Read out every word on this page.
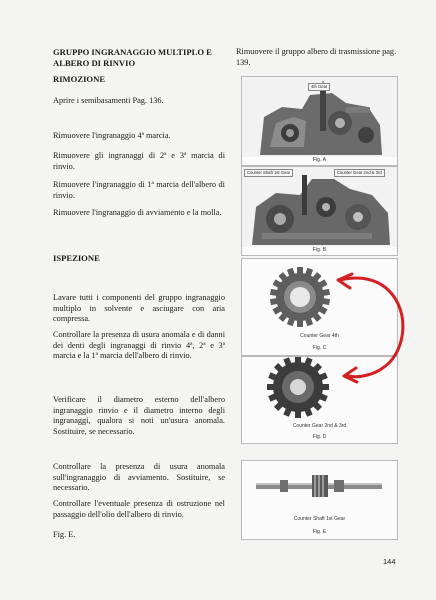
GRUPPO INGRANAGGIO MULTIPLO E
ALBERO DI RINVIO
RIMOZIONE
Aprire i semibasamenti Pag. 136.
Rimuovere l'ingranaggio 4ª marcia.
Rimuovere gli ingranaggi di 2ª e 3ª marcia di rinvio.
Rimuovere l'ingranaggio di 1ª marcia dell'albero di rinvio.
Rimuovere l'ingranaggio di avviamento e la molla.
ISPEZIONE
Lavare tutti i componenti del gruppo ingranaggio multiplo in solvente e asciugare con aria compressa.
Controllare la presenza di usura anomala e di danni dei denti degli ingranaggi di rinvio 4ª, 2ª e 3ª marcia e la 1ª marcia dell'albero di rinvio.
Verificare il diametro esterno dell'albero ingranaggio rinvio e il diametro interno degli ingranaggi, qualora si noti un'usura anomala. Sostituire, se necessario.
Controllare la presenza di usura anomala sull'ingranaggio di avviamento. Sostituire, se necessario.
Controllare l'eventuale presenza di ostruzione nel passaggio dell'olio dell'albero di rinvio.
Fig. E.
Rimuovere il gruppo albero di trasmissione pag. 139.
4th Gear
Fig. A
Counter Shaft 1st Gear	Counter Gear 2nd & 3rd
Fig. B
Counter Gear 4th
Fig. C
Counter Gear 2nd & 3rd
Fig. D
Counter Shaft 1st Gear
Fig. E
144
